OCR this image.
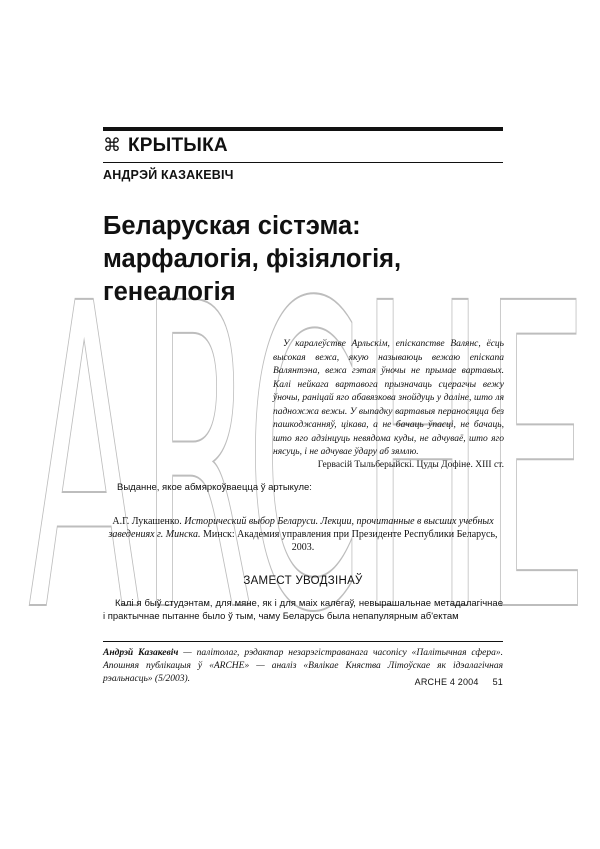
ARCHE
⌘ КРЫТЫКА
АНДРЭЙ КАЗАКЕВІЧ
Беларуская сістэма:
марфалогія, фізіялогія,
генеалогія

У каралеўстве Арльскім, епіскапстве Валянс, ёсць высокая вежа, якую называюць вежаю епіскапа Валянтэна, вежа гэтая ўночы не прымае вартавых. Калі нейкага вартавога прызначаць сцерагчы вежу ўночы, раніцай яго абавязкова знойдуць у даліне, што ля падножжа вежы. У выпадку вартавыя пераносяцца без пашкоджанняў, цікава, а не бачаць ўпасці, не бачаць, што яго адзінцуць невядома куды, не адчуваё, што яго нясуць, і не адчувае ўдару аб зямлю.

Гервасій Тыльберыйскі. Цуды Дофіне. XIII ст.
Выданне, якое абмяркоўваецца ў артыкуле:
А.Г. Лукашенко. Исторический выбор Беларуси. Лекции, прочитанные в высших учебных заведениях г. Минска. Минск: Академия управления при Президенте Республики Беларусь, 2003.
ЗАМЕСТ УВОДЗІНАЎ

Калі я быў студэнтам, для мяне, як і для маіх калегаў, невырашальнае метадалагічнае і практычнае пытанне было ў тым, чаму Беларусь была непапулярным аб'ектам

Андрэй Казакевіч — палітолаг, рэдактар незарэгістраванага часопісу «Палітычная сфера». Апошняя публікацыя ў «ARCHE» — аналіз «Вялікае Княства Літоўскае як ідэалагічная рэальнасць» (5/2003).	ARCHE 4 2004 51
